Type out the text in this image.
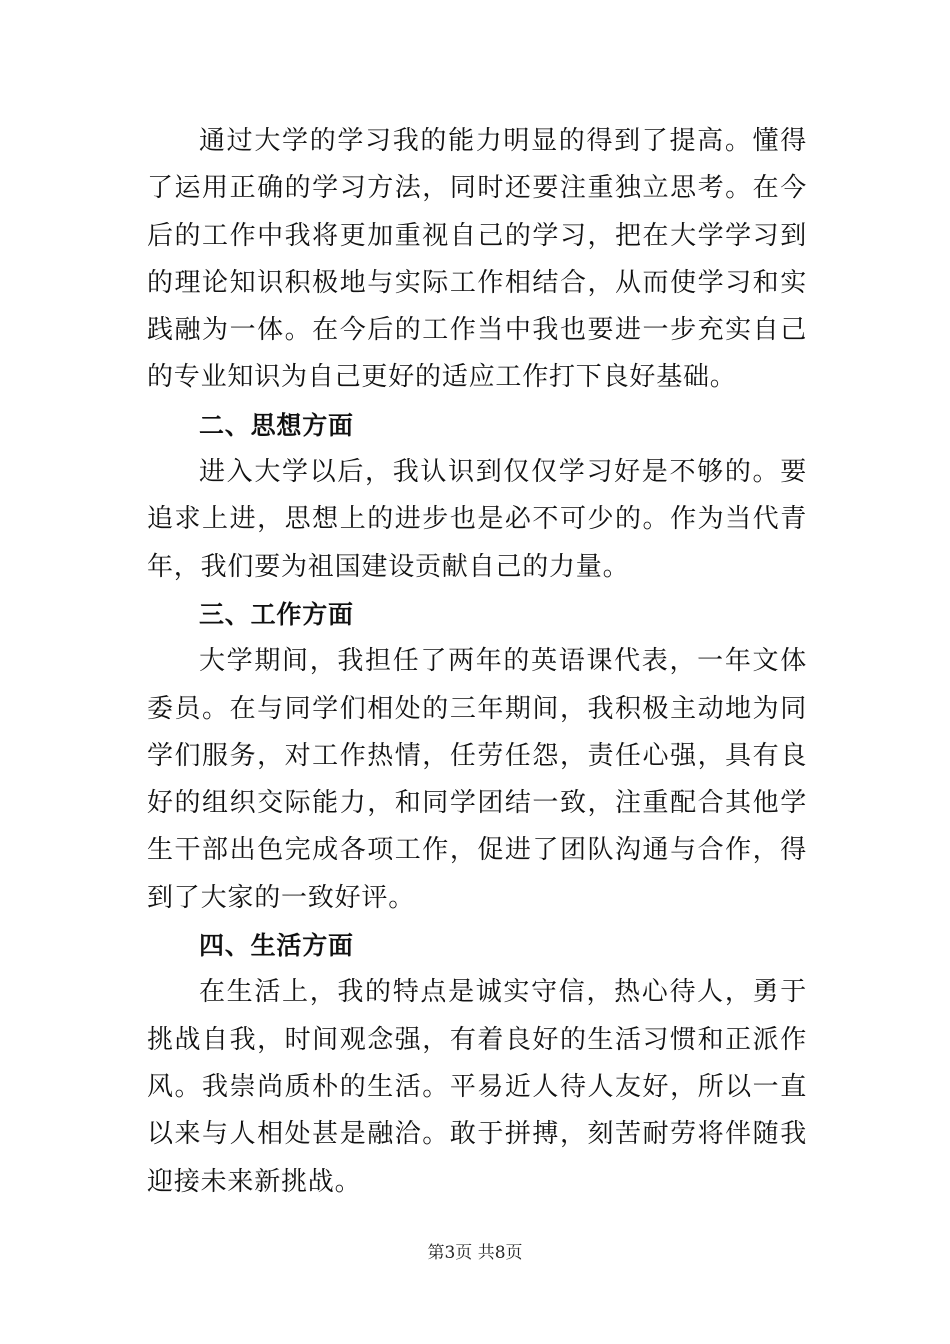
通过大学的学习我的能力明显的得到了提高。懂得了运用正确的学习方法，同时还要注重独立思考。在今后的工作中我将更加重视自己的学习，把在大学学习到的理论知识积极地与实际工作相结合，从而使学习和实践融为一体。在今后的工作当中我也要进一步充实自己的专业知识为自己更好的适应工作打下良好基础。

二、思想方面

进入大学以后，我认识到仅仅学习好是不够的。要追求上进，思想上的进步也是必不可少的。作为当代青年，我们要为祖国建设贡献自己的力量。

三、工作方面

大学期间，我担任了两年的英语课代表，一年文体委员。在与同学们相处的三年期间，我积极主动地为同学们服务，对工作热情，任劳任怨，责任心强，具有良好的组织交际能力，和同学团结一致，注重配合其他学生干部出色完成各项工作，促进了团队沟通与合作，得到了大家的一致好评。

四、生活方面

在生活上，我的特点是诚实守信，热心待人，勇于挑战自我，时间观念强，有着良好的生活习惯和正派作风。我崇尚质朴的生活。平易近人待人友好，所以一直以来与人相处甚是融洽。敢于拼搏，刻苦耐劳将伴随我迎接未来新挑战。

第3页 共8页
